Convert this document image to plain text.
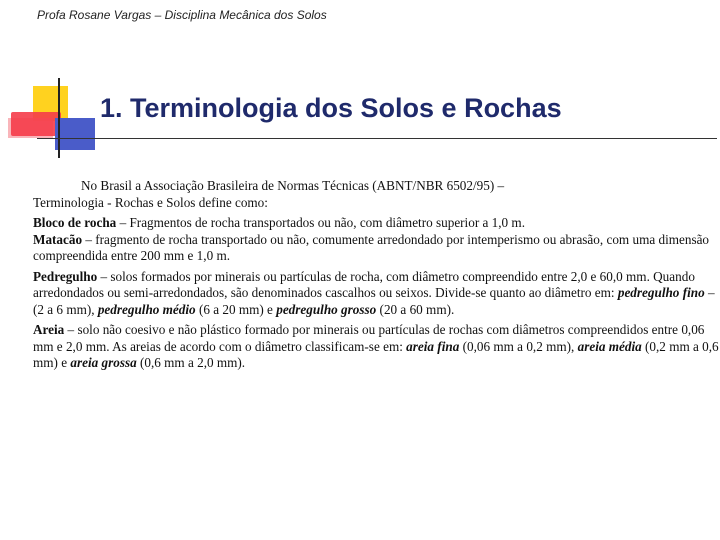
Profa Rosane Vargas – Disciplina Mecânica dos Solos
1. Terminologia dos Solos e Rochas

No Brasil a Associação Brasileira de Normas Técnicas (ABNT/NBR 6502/95) –

Terminologia - Rochas e Solos define como:

Bloco de rocha – Fragmentos de rocha transportados ou não, com diâmetro superior a 1,0 m.

Matacão – fragmento de rocha transportado ou não, comumente arredondado por intemperismo ou abrasão, com uma dimensão compreendida entre 200 mm e 1,0 m.

Pedregulho – solos formados por minerais ou partículas de rocha, com diâmetro compreendido entre 2,0 e 60,0 mm. Quando arredondados ou semi-arredondados, são denominados cascalhos ou seixos. Divide-se quanto ao diâmetro em: pedregulho fino – (2 a 6 mm), pedregulho médio (6 a 20 mm) e pedregulho grosso (20 a 60 mm).

Areia – solo não coesivo e não plástico formado por minerais ou partículas de rochas com diâmetros compreendidos entre 0,06 mm e 2,0 mm. As areias de acordo com o diâmetro classificam-se em: areia fina (0,06 mm a 0,2 mm), areia média (0,2 mm a 0,6 mm) e areia grossa (0,6 mm a 2,0 mm).
